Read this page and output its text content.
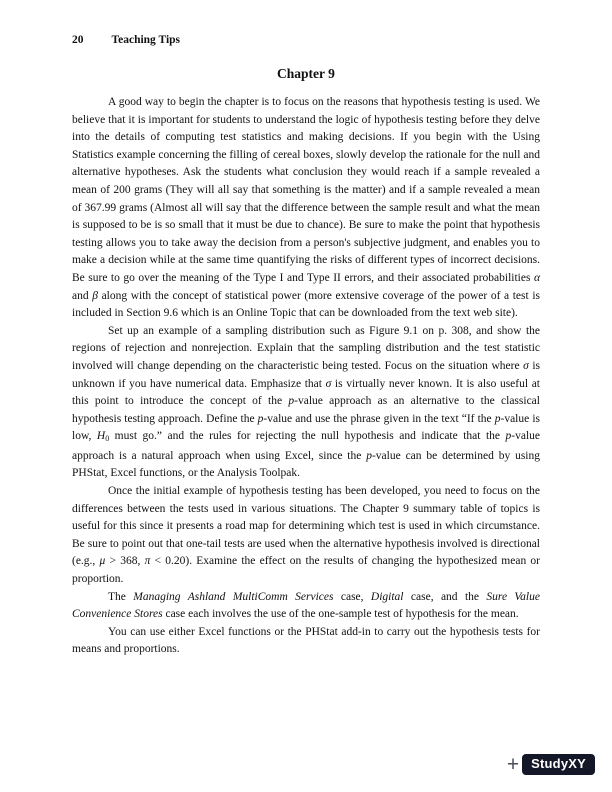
20 Teaching Tips
Chapter 9

A good way to begin the chapter is to focus on the reasons that hypothesis testing is used. We believe that it is important for students to understand the logic of hypothesis testing before they delve into the details of computing test statistics and making decisions. If you begin with the Using Statistics example concerning the filling of cereal boxes, slowly develop the rationale for the null and alternative hypotheses. Ask the students what conclusion they would reach if a sample revealed a mean of 200 grams (They will all say that something is the matter) and if a sample revealed a mean of 367.99 grams (Almost all will say that the difference between the sample result and what the mean is supposed to be is so small that it must be due to chance). Be sure to make the point that hypothesis testing allows you to take away the decision from a person's subjective judgment, and enables you to make a decision while at the same time quantifying the risks of different types of incorrect decisions. Be sure to go over the meaning of the Type I and Type II errors, and their associated probabilities α and β along with the concept of statistical power (more extensive coverage of the power of a test is included in Section 9.6 which is an Online Topic that can be downloaded from the text web site).

Set up an example of a sampling distribution such as Figure 9.1 on p. 308, and show the regions of rejection and nonrejection. Explain that the sampling distribution and the test statistic involved will change depending on the characteristic being tested. Focus on the situation where σ is unknown if you have numerical data. Emphasize that σ is virtually never known. It is also useful at this point to introduce the concept of the p-value approach as an alternative to the classical hypothesis testing approach. Define the p-value and use the phrase given in the text “If the p-value is low, $H_0$ must go.” and the rules for rejecting the null hypothesis and indicate that the p-value approach is a natural approach when using Excel, since the p-value can be determined by using PHStat, Excel functions, or the Analysis Toolpak.

Once the initial example of hypothesis testing has been developed, you need to focus on the differences between the tests used in various situations. The Chapter 9 summary table of topics is useful for this since it presents a road map for determining which test is used in which circumstance. Be sure to point out that one-tail tests are used when the alternative hypothesis involved is directional (e.g., μ > 368, π < 0.20). Examine the effect on the results of changing the hypothesized mean or proportion.

The Managing Ashland MultiComm Services case, Digital case, and the Sure Value Convenience Stores case each involves the use of the one-sample test of hypothesis for the mean.

You can use either Excel functions or the PHStat add-in to carry out the hypothesis tests for means and proportions.

+ StudyXY
